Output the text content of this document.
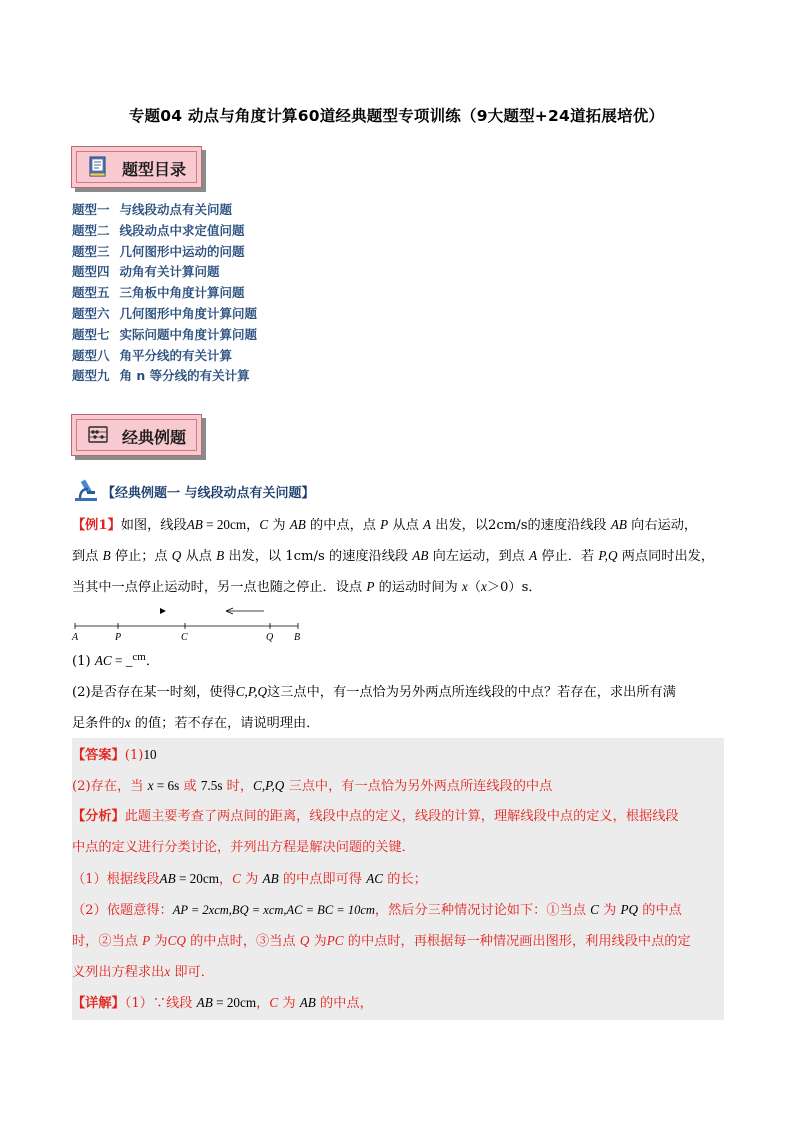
专题04 动点与角度计算60道经典题型专项训练（9大题型+24道拓展培优）
题型目录
题型一 与线段动点有关问题
题型二 线段动点中求定值问题
题型三 几何图形中运动的问题
题型四 动角有关计算问题
题型五 三角板中角度计算问题
题型六 几何图形中角度计算问题
题型七 实际问题中角度计算问题
题型八 角平分线的有关计算
题型九 角 n 等分线的有关计算
经典例题
【经典例题一 与线段动点有关问题】
【例1】如图，线段AB = 20cm，C 为 AB 的中点，点 P 从点 A 出发，以2cm/s的速度沿线段 AB 向右运动，
到点 B 停止；点 Q 从点 B 出发，以 1cm/s 的速度沿线段 AB 向左运动，到点 A 停止．若 P,Q 两点同时出发，
当其中一点停止运动时，另一点也随之停止．设点 P 的运动时间为 x（x＞0）s．
A	P	C	Q B
(1) AC = _$^{cm}$．
(2)是否存在某一时刻，使得C,P,Q这三点中，有一点恰为另外两点所连线段的中点？若存在，求出所有满
足条件的x 的值；若不存在，请说明理由．
【答案】(1)10
(2)存在，当 x = 6s 或 7.5s 时，C,P,Q 三点中，有一点恰为另外两点所连线段的中点
【分析】此题主要考查了两点间的距离，线段中点的定义，线段的计算，理解线段中点的定义，根据线段
中点的定义进行分类讨论，并列出方程是解决问题的关键．
（1）根据线段AB = 20cm，C 为 AB 的中点即可得 AC 的长；
（2）依题意得：AP = 2xcm,BQ = xcm,AC = BC = 10cm，然后分三种情况讨论如下：①当点 C 为 PQ 的中点
时，②当点 P 为CQ 的中点时，③当点 Q 为PC 的中点时，再根据每一种情况画出图形，利用线段中点的定
义列出方程求出x 即可．
【详解】（1）∵线段 AB = 20cm，C 为 AB 的中点，
